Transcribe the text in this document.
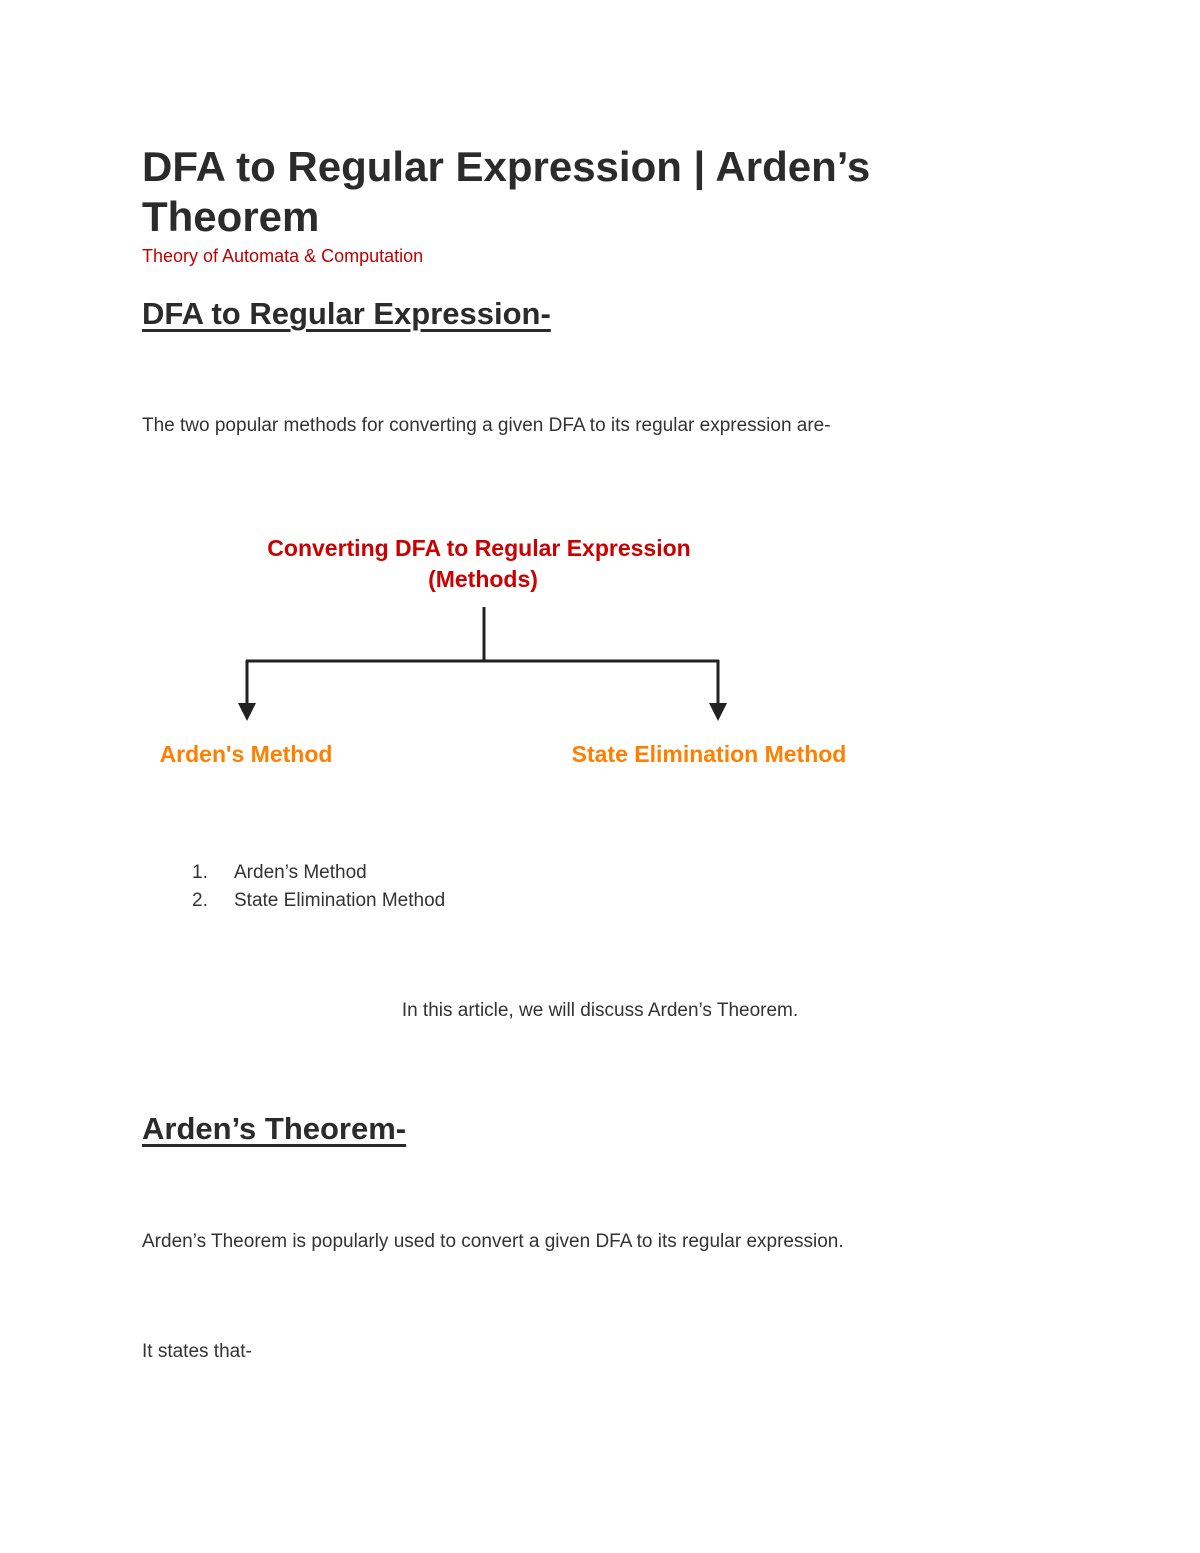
DFA to Regular Expression | Arden’s Theorem

Theory of Automata & Computation

DFA to Regular Expression-

The two popular methods for converting a given DFA to its regular expression are-

Converting DFA to Regular Expression
(Methods)
Arden's Method	State Elimination Method
1.	Arden’s Method
2.	State Elimination Method

In this article, we will discuss Arden’s Theorem.

Arden’s Theorem-

Arden’s Theorem is popularly used to convert a given DFA to its regular expression.

It states that-
